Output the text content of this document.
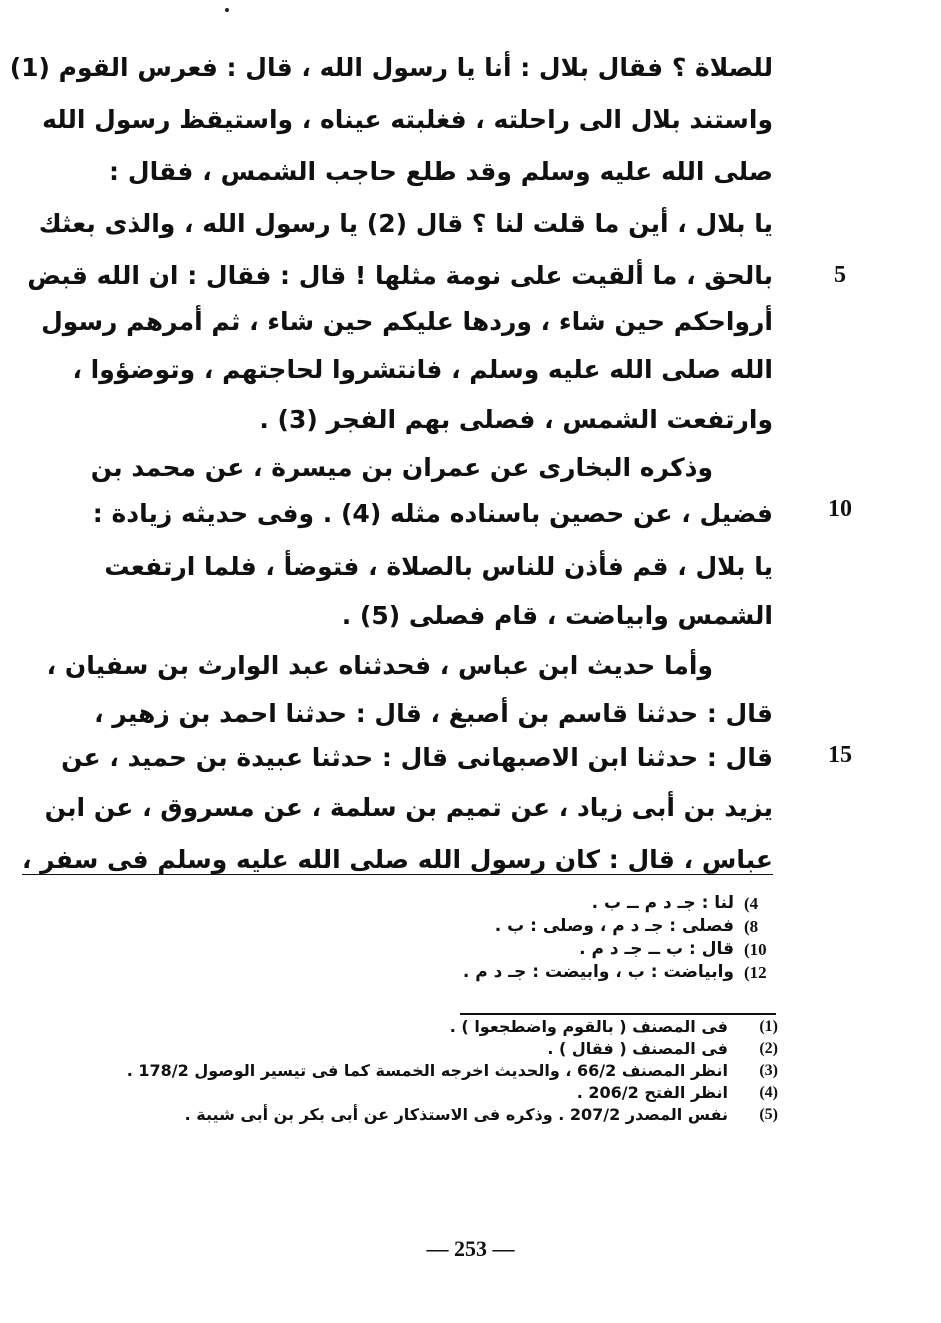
للصلاة ؟ فقال بلال : أنا يا رسول الله ، قال : فعرس القوم (1)
واستند بلال الى راحلته ، فغلبته عيناه ، واستيقظ رسول الله
صلى الله عليه وسلم وقد طلع حاجب الشمس ، فقال :
يا بلال ، أين ما قلت لنا ؟ قال (2) يا رسول الله ، والذى بعثك
بالحق ، ما ألقيت على نومة مثلها ! قال : فقال : ان الله قبض
أرواحكم حين شاء ، وردها عليكم حين شاء ، ثم أمرهم رسول
الله صلى الله عليه وسلم ، فانتشروا لحاجتهم ، وتوضؤوا ،
وارتفعت الشمس ، فصلى بهم الفجر (3) .
وذكره البخارى عن عمران بن ميسرة ، عن محمد بن
فضيل ، عن حصين باسناده مثله (4) . وفى حديثه زيادة :
يا بلال ، قم فأذن للناس بالصلاة ، فتوضأ ، فلما ارتفعت
الشمس وابياضت ، قام فصلى (5) .
وأما حديث ابن عباس ، فحدثناه عبد الوارث بن سفيان ،
قال : حدثنا قاسم بن أصبغ ، قال : حدثنا احمد بن زهير ،
قال : حدثنا ابن الاصبهانى قال : حدثنا عبيدة بن حميد ، عن
يزيد بن أبى زياد ، عن تميم بن سلمة ، عن مسروق ، عن ابن
عباس ، قال : كان رسول الله صلى الله عليه وسلم فى سفر ،
5
10
15
4)
لنا : جـ د م ــ ب .
8)
فصلى : جـ د م ، وصلى : ب .
10)
قال : ب ــ جـ د م .
12)
وابياضت : ب ، وابيضت : جـ د م .
(1)
فى المصنف ( بالقوم واضطجعوا ) .
(2)
فى المصنف ( فقال ) .
(3)
انظر المصنف 66/2 ، والحديث اخرجه الخمسة كما فى تيسير الوصول 178/2 .
(4)
انظر الفتح 206/2 .
(5)
نفس المصدر 207/2 . وذكره فى الاستذكار عن أبى بكر بن أبى شيبة .
— 253 —
